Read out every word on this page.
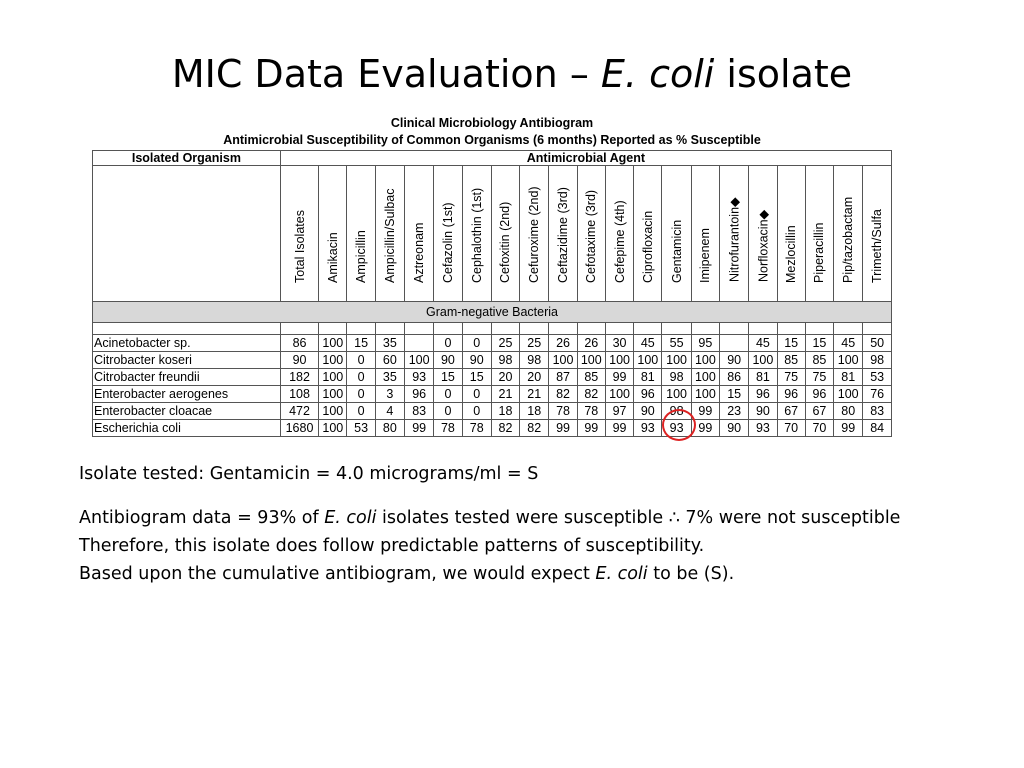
MIC Data Evaluation – E. coli isolate
Clinical Microbiology Antibiogram
Antimicrobial Susceptibility of Common Organisms (6 months) Reported as % Susceptible
Isolated Organism	Antimicrobial Agent																				

	Total Isolates	Amikacin	Ampicillin	Ampicillin/Sulbac	Aztreonam	Cefazolin (1st)	Cephalothin (1st)	Cefoxitin (2nd)	Cefuroxime (2nd)	Ceftazidime (3rd)	Cefotaxime (3rd)	Cefepime (4th)	Ciprofloxacin	Gentamicin	Imipenem	Nitrofurantoin◆	Norfloxacin◆	Mezlocillin	Piperacillin	Pip/tazobactam	Trimeth/Sulfa

Gram-negative Bacteria																					

Acinetobacter sp.	86	100	15	35		0	0	25	25	26	26	30	45	55	95		45	15	15	45	50
Citrobacter koseri	90	100	0	60	100	90	90	98	98	100	100	100	100	100	100	90	100	85	85	100	98
Citrobacter freundii	182	100	0	35	93	15	15	20	20	87	85	99	81	98	100	86	81	75	75	81	53
Enterobacter aerogenes	108	100	0	3	96	0	0	21	21	82	82	100	96	100	100	15	96	96	96	100	76
Enterobacter cloacae	472	100	0	4	83	0	0	18	18	78	78	97	90	98	99	23	90	67	67	80	83
Escherichia coli	1680	100	53	80	99	78	78	82	82	99	99	99	93	93	99	90	93	70	70	99	84
Isolate tested: Gentamicin = 4.0 micrograms/ml = S
Antibiogram data = 93% of E. coli isolates tested were susceptible ∴ 7% were not susceptible
Therefore, this isolate does follow predictable patterns of susceptibility.
Based upon the cumulative antibiogram, we would expect E. coli to be (S).
